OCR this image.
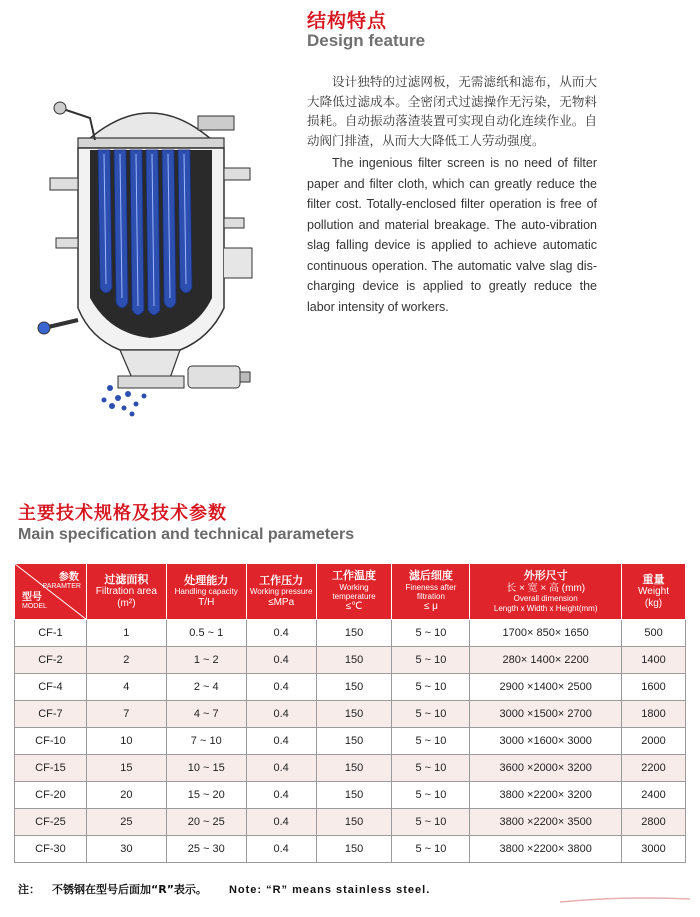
结构特点
Design feature

设计独特的过滤网板，无需滤纸和滤布，从而大大降低过滤成本。全密闭式过滤操作无污染，无物料损耗。自动振动落渣装置可实现自动化连续作业。自动阀门排渣，从而大大降低工人劳动强度。

The ingenious filter screen is no need of filter paper and filter cloth, which can greatly reduce the filter cost. Totally-enclosed filter operation is free of pollution and material breakage. The auto-vibration slag falling device is applied to achieve automatic continuous operation. The automatic valve slag dis-charging device is applied to greatly reduce the labor intensity of workers.

主要技术规格及技术参数
Main specification and technical parameters
参数
PARAMTER
型号
MODEL	过滤面积
Filtration area
(m²)	处理能力
Handling capacity
T/H	工作压力
Working pressure
≤MPa	工作温度
Working temperature
≤℃	滤后细度
Fineness after filtration
≤ μ	外形尺寸
长 × 宽 × 高 (mm)
Overall dimension
Length x Width x Height(mm)	重量
Weight
(kg)

CF-1	1	0.5 ~ 1	0.4	150	5 ~ 10	1700× 850× 1650	500
CF-2	2	1 ~ 2	0.4	150	5 ~ 10	280× 1400× 2200	1400
CF-4	4	2 ~ 4	0.4	150	5 ~ 10	2900 ×1400× 2500	1600
CF-7	7	4 ~ 7	0.4	150	5 ~ 10	3000 ×1500× 2700	1800
CF-10	10	7 ~ 10	0.4	150	5 ~ 10	3000 ×1600× 3000	2000
CF-15	15	10 ~ 15	0.4	150	5 ~ 10	3600 ×2000× 3200	2200
CF-20	20	15 ~ 20	0.4	150	5 ~ 10	3800 ×2200× 3200	2400
CF-25	25	20 ~ 25	0.4	150	5 ~ 10	3800 ×2200× 3500	2800
CF-30	30	25 ~ 30	0.4	150	5 ~ 10	3800 ×2200× 3800	3000
注： 不锈钢在型号后面加“R”表示。 Note: “R” means stainless steel.
